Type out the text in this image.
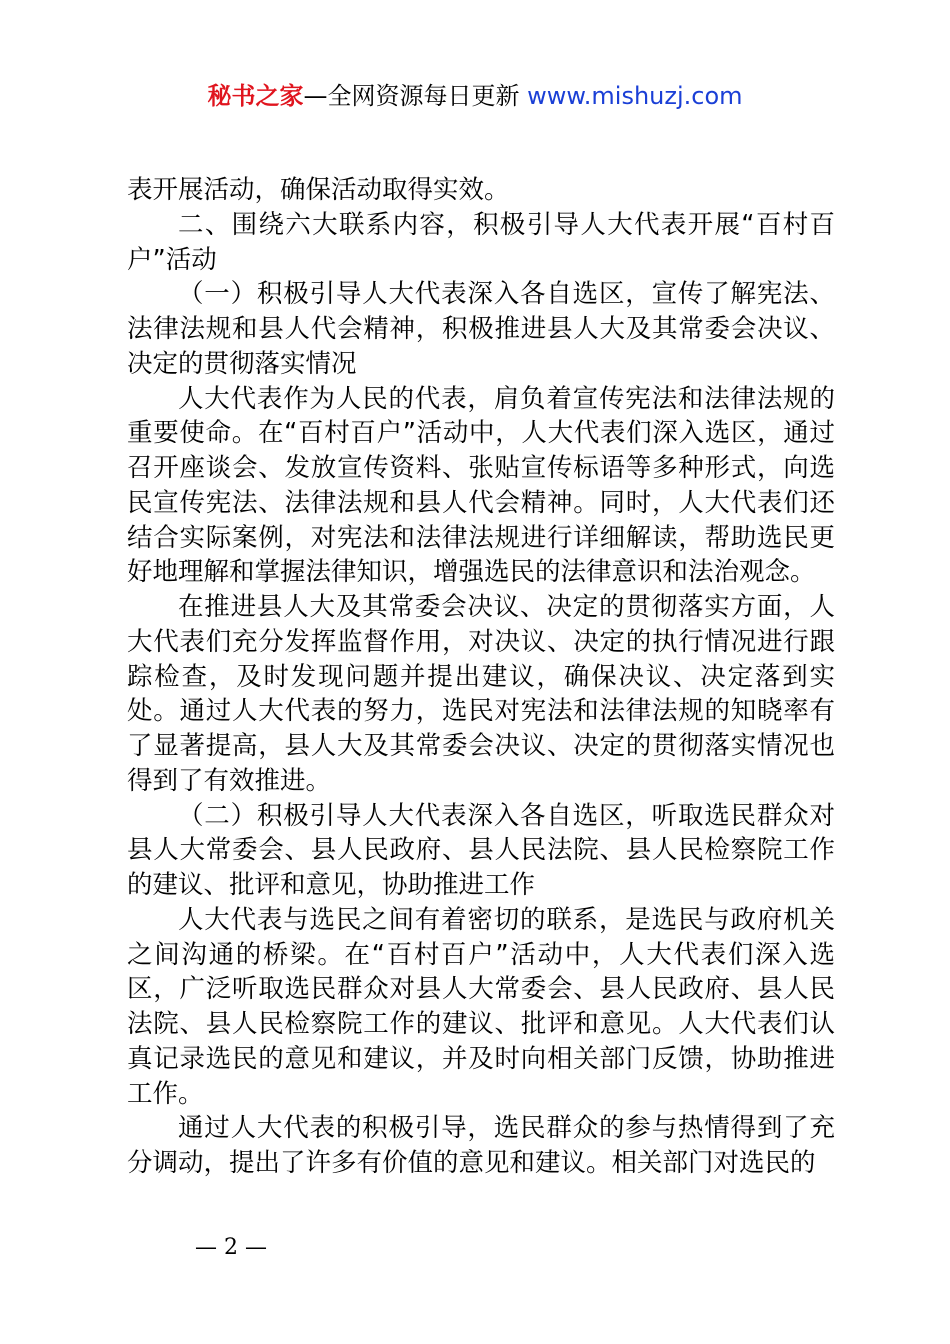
秘书之家—全网资源每日更新 www.mishuzj.com

表开展活动，确保活动取得实效。

二、围绕六大联系内容，积极引导人大代表开展“百村百户”活动

（一）积极引导人大代表深入各自选区，宣传了解宪法、法律法规和县人代会精神，积极推进县人大及其常委会决议、决定的贯彻落实情况

人大代表作为人民的代表，肩负着宣传宪法和法律法规的重要使命。在“百村百户”活动中，人大代表们深入选区，通过召开座谈会、发放宣传资料、张贴宣传标语等多种形式，向选民宣传宪法、法律法规和县人代会精神。同时，人大代表们还结合实际案例，对宪法和法律法规进行详细解读，帮助选民更好地理解和掌握法律知识，增强选民的法律意识和法治观念。

在推进县人大及其常委会决议、决定的贯彻落实方面，人大代表们充分发挥监督作用，对决议、决定的执行情况进行跟踪检查，及时发现问题并提出建议，确保决议、决定落到实处。通过人大代表的努力，选民对宪法和法律法规的知晓率有了显著提高，县人大及其常委会决议、决定的贯彻落实情况也得到了有效推进。

（二）积极引导人大代表深入各自选区，听取选民群众对县人大常委会、县人民政府、县人民法院、县人民检察院工作的建议、批评和意见，协助推进工作

人大代表与选民之间有着密切的联系，是选民与政府机关之间沟通的桥梁。在“百村百户”活动中，人大代表们深入选区，广泛听取选民群众对县人大常委会、县人民政府、县人民法院、县人民检察院工作的建议、批评和意见。人大代表们认真记录选民的意见和建议，并及时向相关部门反馈，协助推进工作。

通过人大代表的积极引导，选民群众的参与热情得到了充分调动，提出了许多有价值的意见和建议。相关部门对选民的

— 2 —
